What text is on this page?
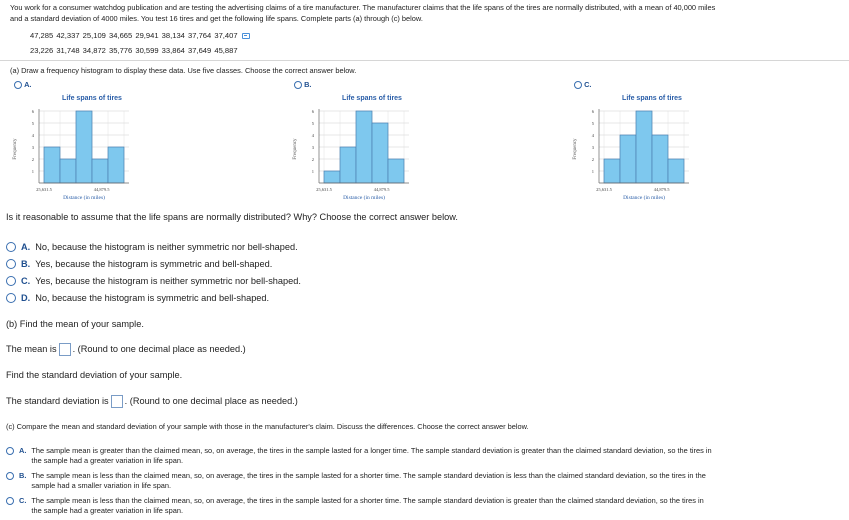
You work for a consumer watchdog publication and are testing the advertising claims of a tire manufacturer. The manufacturer claims that the life spans of the tires are normally distributed, with a mean of 40,000 miles
and a standard deviation of 4000 miles. You test 16 tires and get the following life spans. Complete parts (a) through (c) below.
47,285 42,337 25,109 34,665 29,941 38,134 37,764 37,407
23,226 31,748 34,872 35,776 30,599 33,864 37,649 45,887
(a) Draw a frequency histogram to display these data. Use five classes. Choose the correct answer below.
A.	B.	C.
Life spans of tires
1
2
3
4
5
6
Frequency
25,631.5	44,879.5
Distance (in miles)
Life spans of tires
1
2
3
4
5
6
Frequency
25,631.5	44,879.5
Distance (in miles)
Life spans of tires
1
2
3
4
5
6
Frequency
25,631.5	44,879.5
Distance (in miles)
Is it reasonable to assume that the life spans are normally distributed? Why? Choose the correct answer below.
A. No, because the histogram is neither symmetric nor bell-shaped.
B. Yes, because the histogram is symmetric and bell-shaped.
C. Yes, because the histogram is neither symmetric nor bell-shaped.
D. No, because the histogram is symmetric and bell-shaped.
(b) Find the mean of your sample.
The mean is . (Round to one decimal place as needed.)
Find the standard deviation of your sample.
The standard deviation is . (Round to one decimal place as needed.)
(c) Compare the mean and standard deviation of your sample with those in the manufacturer's claim. Discuss the differences. Choose the correct answer below.
A. The sample mean is greater than the claimed mean, so, on average, the tires in the sample lasted for a longer time. The sample standard deviation is greater than the claimed standard deviation, so the tires in
the sample had a greater variation in life span.
B. The sample mean is less than the claimed mean, so, on average, the tires in the sample lasted for a shorter time. The sample standard deviation is less than the claimed standard deviation, so the tires in the
sample had a smaller variation in life span.
C. The sample mean is less than the claimed mean, so, on average, the tires in the sample lasted for a shorter time. The sample standard deviation is greater than the claimed standard deviation, so the tires in
the sample had a greater variation in life span.
